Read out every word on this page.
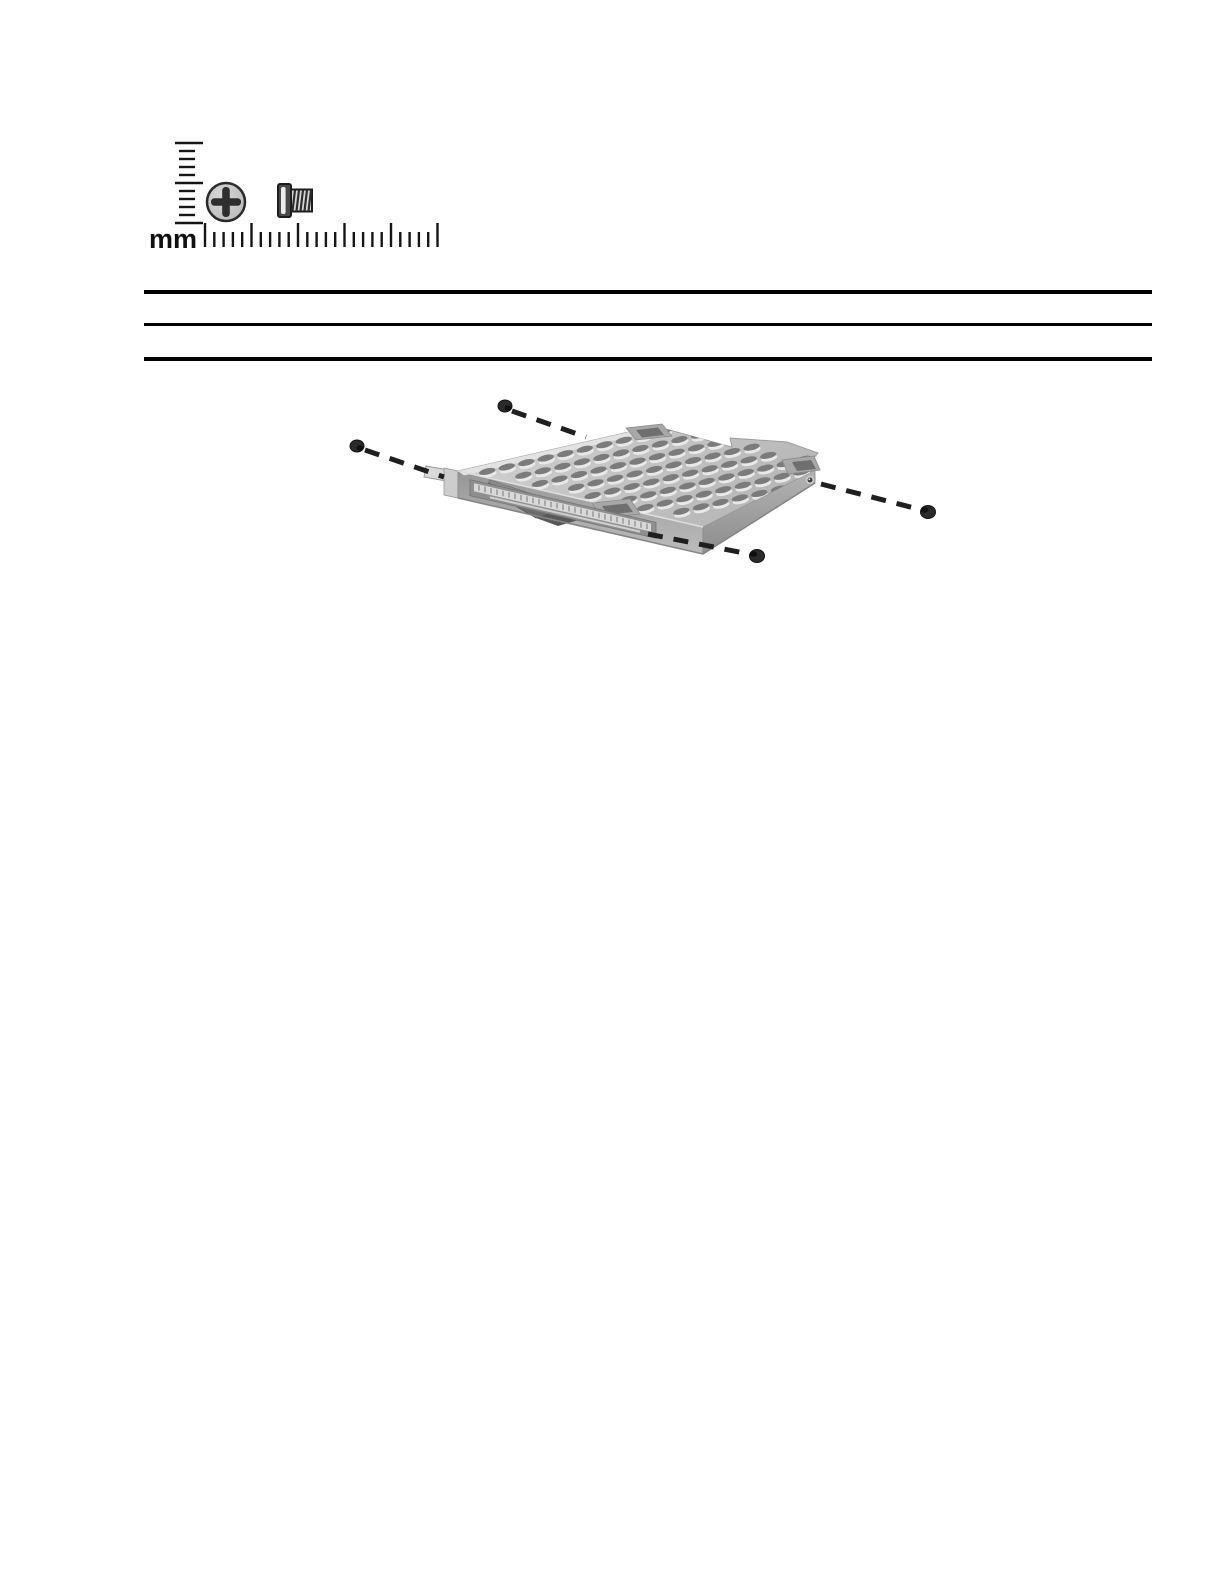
mm
